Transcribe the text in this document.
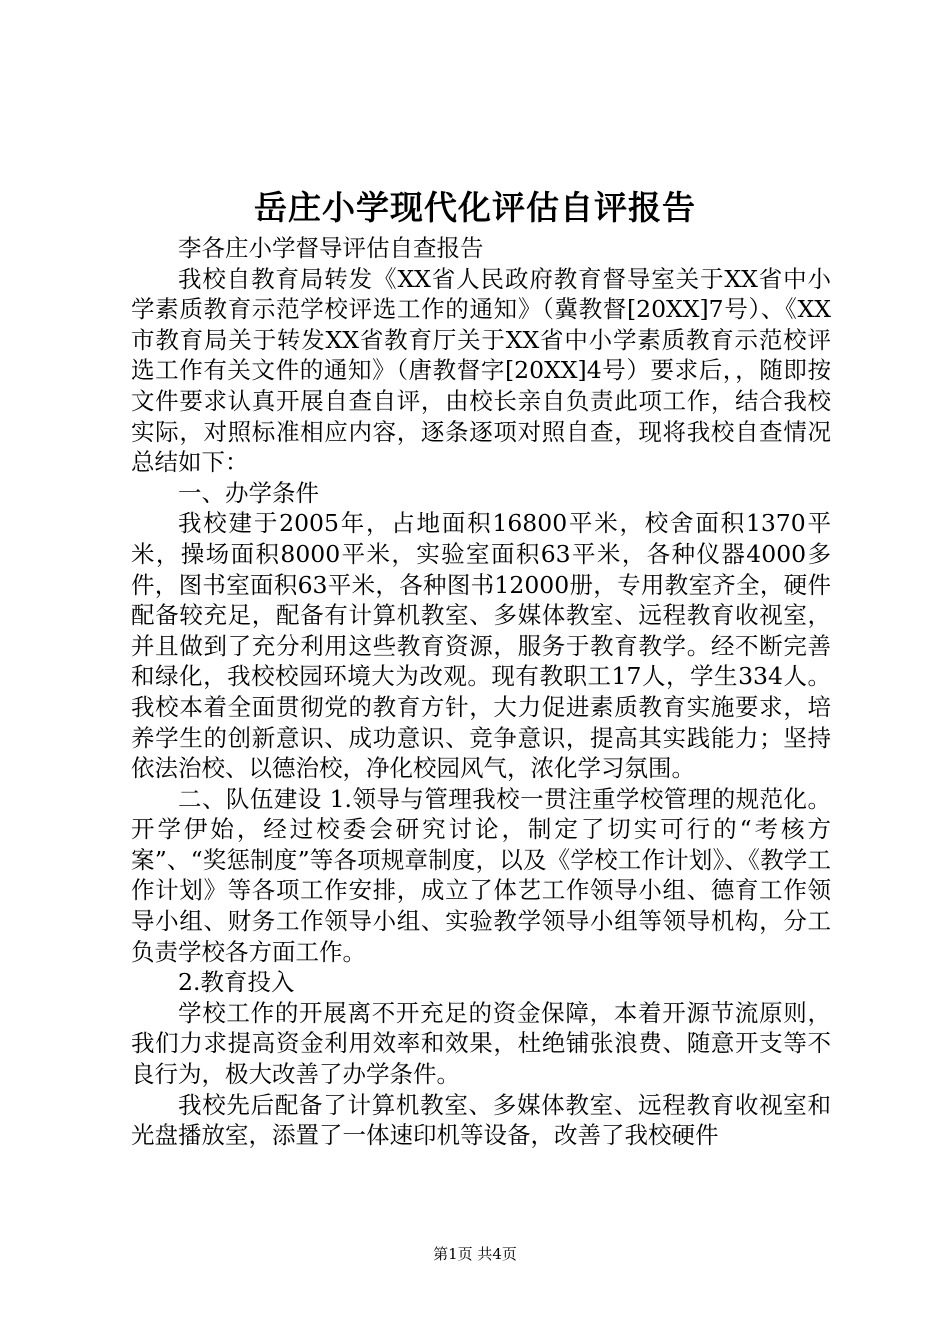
岳庄小学现代化评估自评报告

李各庄小学督导评估自查报告

我校自教育局转发《XX省人民政府教育督导室关于XX省中小学素质教育示范学校评选工作的通知》（冀教督[20XX]7号）、《XX市教育局关于转发XX省教育厅关于XX省中小学素质教育示范校评选工作有关文件的通知》（唐教督字[20XX]4号）要求后，，随即按文件要求认真开展自查自评，由校长亲自负责此项工作，结合我校实际，对照标准相应内容，逐条逐项对照自查，现将我校自查情况总结如下：

一、办学条件

我校建于2005年，占地面积16800平米，校舍面积1370平米，操场面积8000平米，实验室面积63平米，各种仪器4000多件，图书室面积63平米，各种图书12000册，专用教室齐全，硬件配备较充足，配备有计算机教室、多媒体教室、远程教育收视室，并且做到了充分利用这些教育资源，服务于教育教学。经不断完善和绿化，我校校园环境大为改观。现有教职工17人，学生334人。我校本着全面贯彻党的教育方针，大力促进素质教育实施要求，培养学生的创新意识、成功意识、竞争意识，提高其实践能力；坚持依法治校、以德治校，净化校园风气，浓化学习氛围。

二、队伍建设 1.领导与管理我校一贯注重学校管理的规范化。开学伊始，经过校委会研究讨论，制定了切实可行的“考核方案”、“奖惩制度”等各项规章制度，以及《学校工作计划》、《教学工作计划》等各项工作安排，成立了体艺工作领导小组、德育工作领导小组、财务工作领导小组、实验教学领导小组等领导机构，分工负责学校各方面工作。

2.教育投入

学校工作的开展离不开充足的资金保障，本着开源节流原则，我们力求提高资金利用效率和效果，杜绝铺张浪费、随意开支等不良行为，极大改善了办学条件。

我校先后配备了计算机教室、多媒体教室、远程教育收视室和光盘播放室，添置了一体速印机等设备，改善了我校硬件

第1页 共4页
